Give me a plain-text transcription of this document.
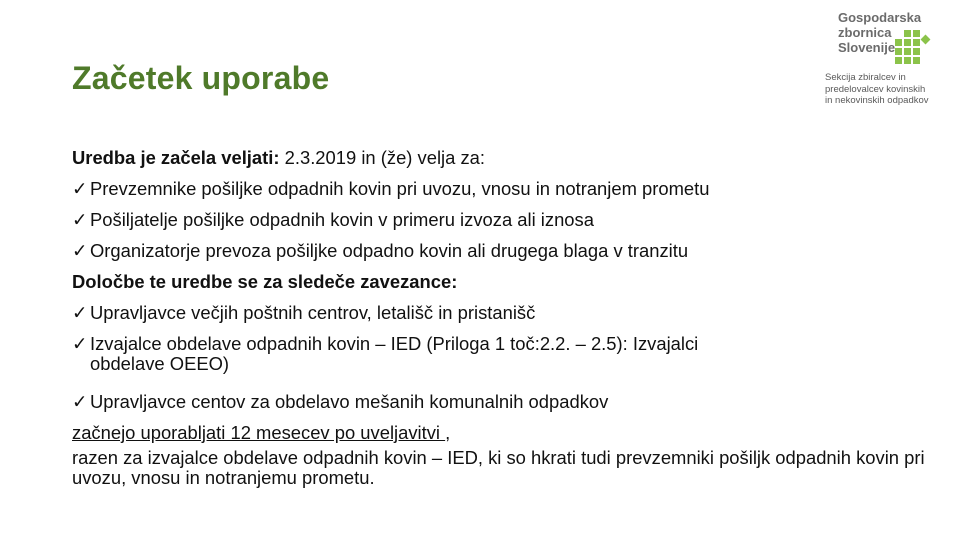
Začetek uporabe
Gospodarska
zbornica
Slovenije
Sekcija zbiralcev in
predelovalcev kovinskih
in nekovinskih odpadkov
Uredba je začela veljati: 2.3.2019 in (že) velja za:
✓ Prevzemnike pošiljke odpadnih kovin pri uvozu, vnosu in notranjem prometu
✓ Pošiljatelje pošiljke odpadnih kovin v primeru izvoza ali iznosa
✓ Organizatorje prevoza pošiljke odpadno kovin ali drugega blaga v tranzitu
Določbe te uredbe se za sledeče zavezance:
✓ Upravljavce večjih poštnih centrov, letališč in pristanišč
✓ Izvajalce obdelave odpadnih kovin – IED (Priloga 1 toč:2.2. – 2.5): Izvajalci
obdelave OEEO)
✓ Upravljavce centov za obdelavo mešanih komunalnih odpadkov
začnejo uporabljati 12 mesecev po uveljavitvi ,
razen za izvajalce obdelave odpadnih kovin – IED, ki so hkrati tudi prevzemniki pošiljk odpadnih kovin pri uvozu, vnosu in notranjemu prometu.
